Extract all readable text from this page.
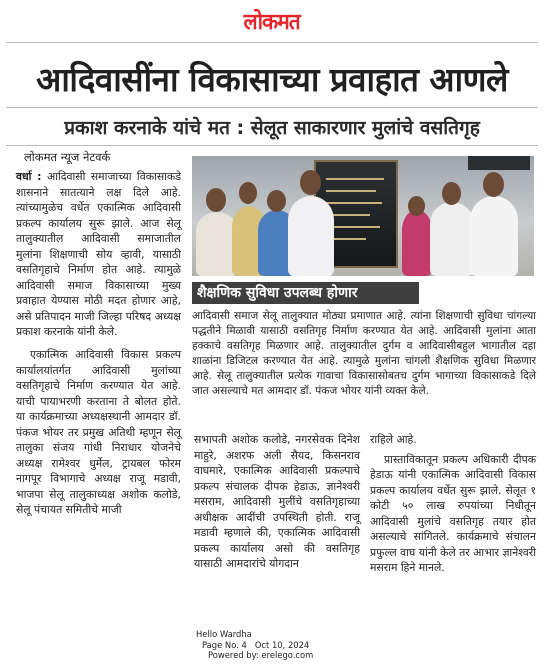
लोकमत
आदिवासींना विकासाच्या प्रवाहात आणले
प्रकाश करनाके यांचे मत : सेलूत साकारणार मुलांचे वसतिगृह
लोकमत न्यूज नेटवर्क

वर्धा : आदिवासी समाजाच्या विकासाकडे शासनाने सातत्याने लक्ष दिले आहे. त्यांच्यामुळेच वर्धेत एकात्मिक आदिवासी प्रकल्प कार्यालय सुरू झाले. आज सेलू तालुक्यातील आदिवासी समाजातील मुलांना शिक्षणाची सोय व्हावी, यासाठी वसतिगृहाचे निर्माण होत आहे. त्यामुळे आदिवासी समाज विकासाच्या मुख्य प्रवाहात येण्यास मोठी मदत होणार आहे, असे प्रतिपादन माजी जिल्हा परिषद अध्यक्ष प्रकाश करनाके यांनी केले.

एकात्मिक आदिवासी विकास प्रकल्प कार्यालयांतर्गत आदिवासी मुलांच्या वसतिगृहाचे निर्माण करण्यात येत आहे. याची पायाभरणी करताना ते बोलत होते. या कार्यक्रमाच्या अध्यक्षस्थानी आमदार डॉ. पंकज भोयर तर प्रमुख अतिथी म्हणून सेलू तालुका संजय गांधी निराधार योजनेचे अध्यक्ष रामेश्वर धुर्मेल, ट्रायबल फोरम नागपूर विभागाचे अध्यक्ष राजू मडावी, भाजपा सेलू तालुकाध्यक्ष अशोक कलोडे, सेलू पंचायत समितीचे माजी

शैक्षणिक सुविधा उपलब्ध होणार

आदिवासी समाज सेलू तालुक्यात मोठ्या प्रमाणात आहे. त्यांना शिक्षणाची सुविधा चांगल्या पद्धतीने मिळावी यासाठी वसतिगृह निर्माण करण्यात येत आहे. आदिवासी मुलांना आता हक्काचे वसतिगृह मिळणार आहे. तालुक्यातील दुर्गम व आदिवासीबहुल भागातील दहा शाळांना डिजिटल करण्यात येत आहे. त्यामुळे मुलांना चांगली शैक्षणिक सुविधा मिळणार आहे. सेलू तालुक्यातील प्रत्येक गावाचा विकासासोबतच दुर्गम भागाच्या विकासाकडे दिले जात असल्याचे मत आमदार डॉ. पंकज भोयर यांनी व्यक्त केले.

सभापती अशोक कलोडे, नगरसेवक दिनेश माहुरे, अशरफ अली सैयद, किसनराव वाघमारे, एकात्मिक आदिवासी प्रकल्पाचे प्रकल्प संचालक दीपक हेडाऊ, ज्ञानेश्वरी मसराम, आदिवासी मुलींचे वसतिगृहाच्या अधीक्षक आदींची उपस्थिती होती. राजू मडावी म्हणाले की, एकात्मिक आदिवासी प्रकल्प कार्यालय असो की वसतिगृह यासाठी आमदारांचे योगदान

राहिले आहे.

प्रास्ताविकातून प्रकल्प अधिकारी दीपक हेडाऊ यांनी एकात्मिक आदिवासी विकास प्रकल्प कार्यालय वर्धेत सुरू झाले. सेलूत १ कोटी ५० लाख रुपयांच्या निधीतून आदिवासी मुलांचे वसतिगृह तयार होत असल्याचे सांगितले. कार्यक्रमाचे संचालन प्रफुल्ल वाघ यांनी केले तर आभार ज्ञानेश्वरी मसराम हिने मानले.

Hello Wardha
Page No. 4   Oct 10, 2024
Powered by: erelego.com
